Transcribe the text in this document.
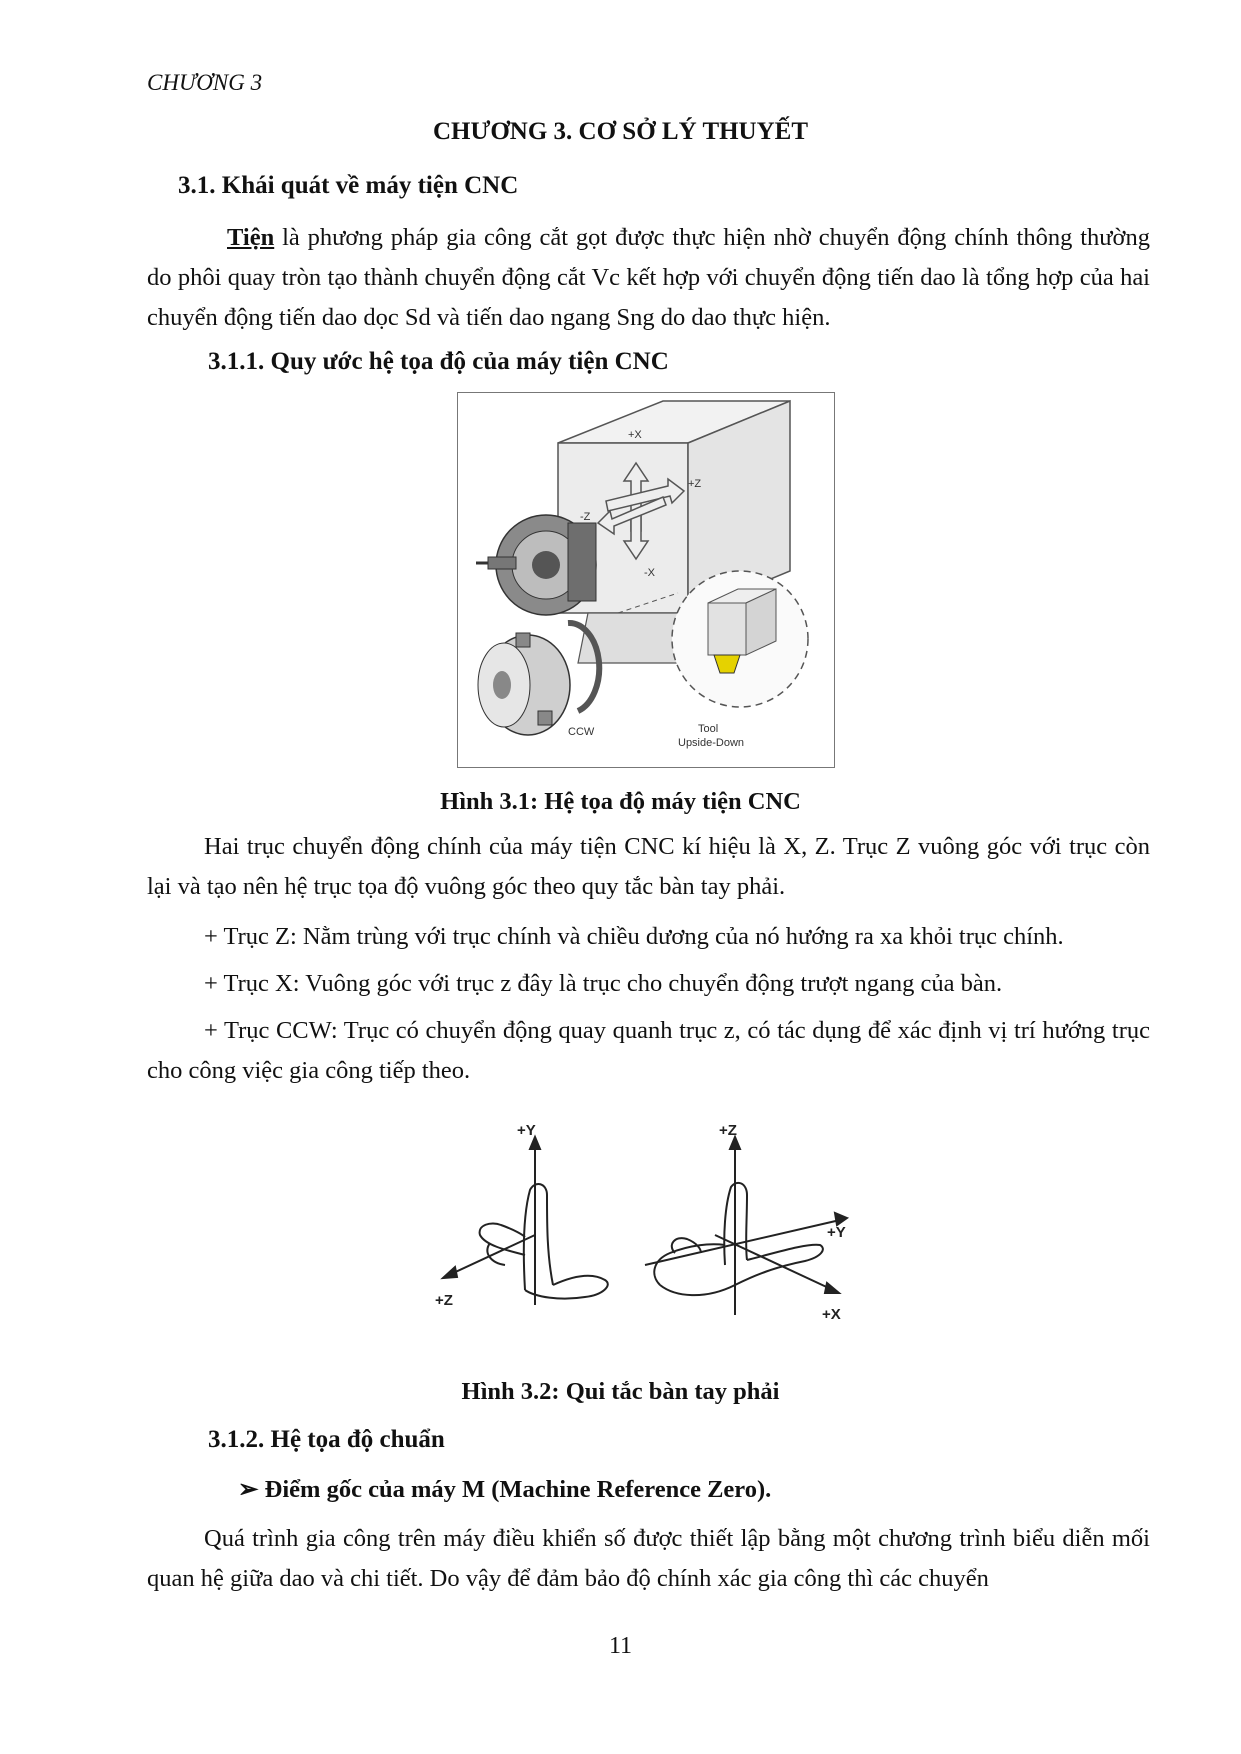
CHƯƠNG 3
CHƯƠNG 3. CƠ SỞ LÝ THUYẾT
3.1. Khái quát về máy tiện CNC
Tiện là phương pháp gia công cắt gọt được thực hiện nhờ chuyển động chính thông thường do phôi quay tròn tạo thành chuyển động cắt Vc kết hợp với chuyển động tiến dao là tổng hợp của hai chuyển động tiến dao dọc Sd và tiến dao ngang Sng do dao thực hiện.
3.1.1. Quy ước hệ tọa độ của máy tiện CNC
+X
-X
+Z
-Z
CCW	Tool
Upside-Down
Hình 3.1: Hệ tọa độ máy tiện CNC
Hai trục chuyển động chính của máy tiện CNC kí hiệu là X, Z. Trục Z vuông góc với trục còn lại và tạo nên hệ trục tọa độ vuông góc theo quy tắc bàn tay phải.
+ Trục Z: Nằm trùng với trục chính và chiều dương của nó hướng ra xa khỏi trục chính.
+ Trục X: Vuông góc với trục z đây là trục cho chuyển động trượt ngang của bàn.
+ Trục CCW: Trục có chuyển động quay quanh trục z, có tác dụng để xác định vị trí hướng trục cho công việc gia công tiếp theo.
+Y
+Z
+Z
+Y
+X
Hình 3.2: Qui tắc bàn tay phải
3.1.2. Hệ tọa độ chuẩn
➢ Điểm gốc của máy M (Machine Reference Zero).
Quá trình gia công trên máy điều khiển số được thiết lập bằng một chương trình biểu diễn mối quan hệ giữa dao và chi tiết. Do vậy để đảm bảo độ chính xác gia công thì các chuyển
11
